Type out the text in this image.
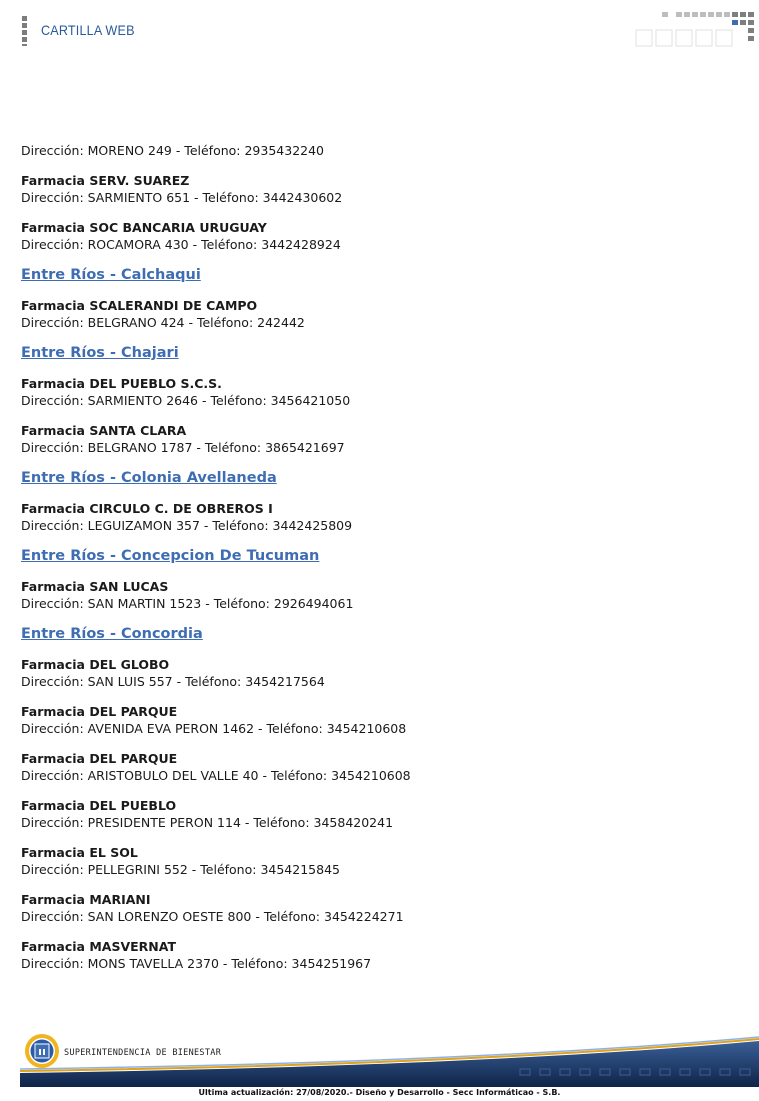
CARTILLA WEB
Dirección: MORENO 249 - Teléfono: 2935432240
Farmacia SERV. SUAREZ
Dirección: SARMIENTO 651 - Teléfono: 3442430602
Farmacia SOC BANCARIA URUGUAY
Dirección: ROCAMORA 430 - Teléfono: 3442428924
Entre Ríos - Calchaqui
Farmacia SCALERANDI DE CAMPO
Dirección: BELGRANO 424 - Teléfono: 242442
Entre Ríos - Chajari
Farmacia DEL PUEBLO S.C.S.
Dirección: SARMIENTO 2646 - Teléfono: 3456421050
Farmacia SANTA CLARA
Dirección: BELGRANO 1787 - Teléfono: 3865421697
Entre Ríos - Colonia Avellaneda
Farmacia CIRCULO C. DE OBREROS I
Dirección: LEGUIZAMON 357 - Teléfono: 3442425809
Entre Ríos - Concepcion De Tucuman
Farmacia SAN LUCAS
Dirección: SAN MARTIN 1523 - Teléfono: 2926494061
Entre Ríos - Concordia
Farmacia DEL GLOBO
Dirección: SAN LUIS 557 - Teléfono: 3454217564
Farmacia DEL PARQUE
Dirección: AVENIDA EVA PERON 1462 - Teléfono: 3454210608
Farmacia DEL PARQUE
Dirección: ARISTOBULO DEL VALLE 40 - Teléfono: 3454210608
Farmacia DEL PUEBLO
Dirección: PRESIDENTE PERON 114 - Teléfono: 3458420241
Farmacia EL SOL
Dirección: PELLEGRINI 552 - Teléfono: 3454215845
Farmacia MARIANI
Dirección: SAN LORENZO OESTE 800 - Teléfono: 3454224271
Farmacia MASVERNAT
Dirección: MONS TAVELLA 2370 - Teléfono: 3454251967
SUPERINTENDENCIA DE BIENESTAR
Ultima actualización: 27/08/2020.- Diseño y Desarrollo - Secc Informáticao - S.B.
